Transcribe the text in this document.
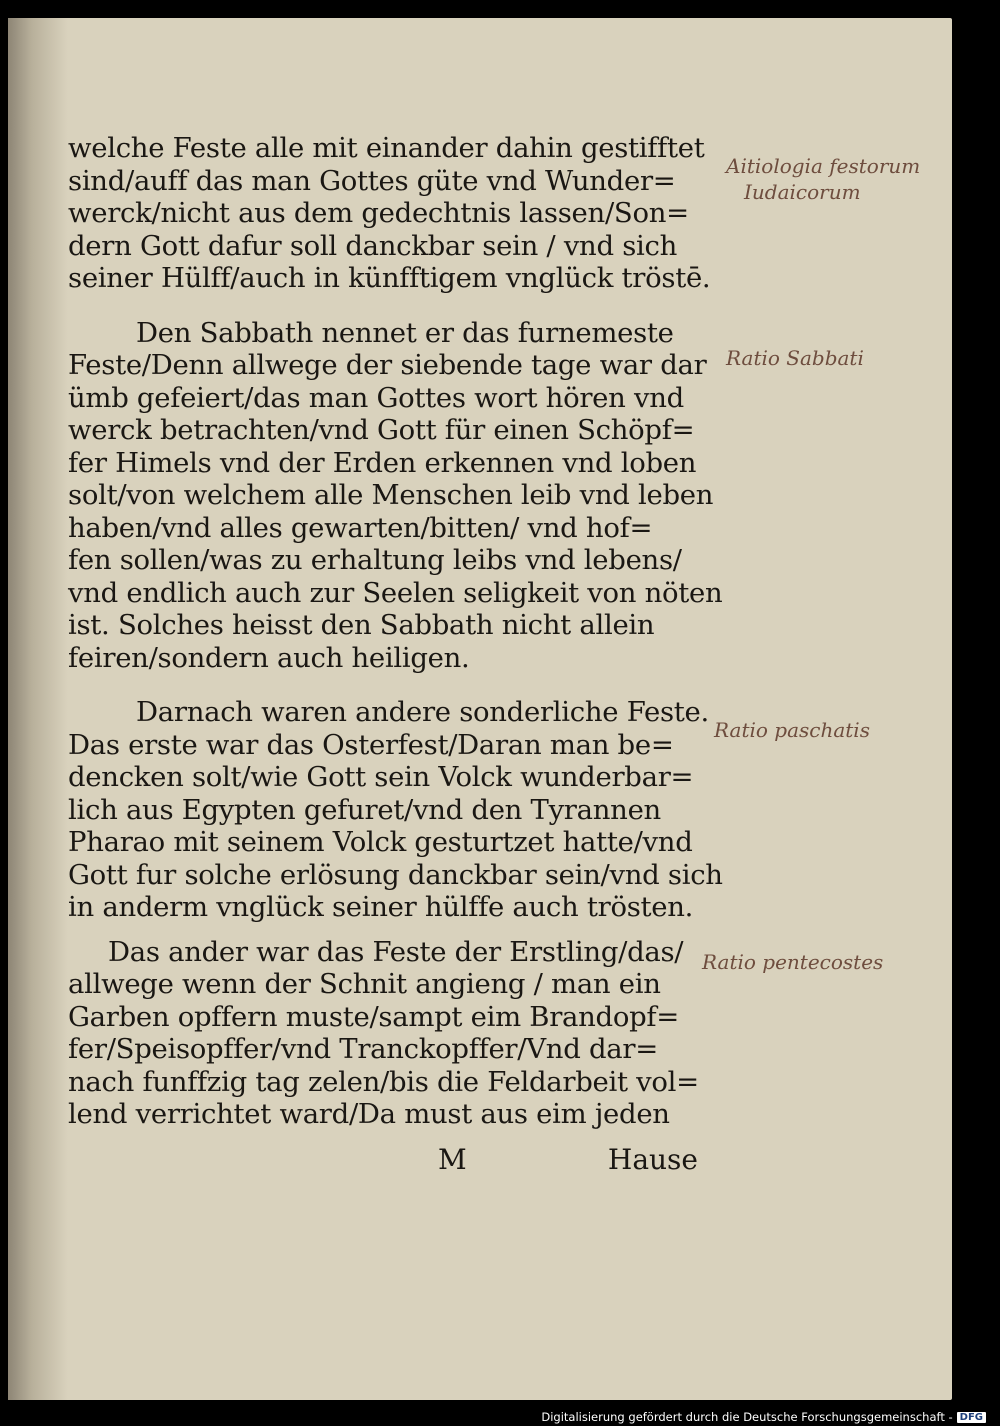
welche Feste alle mit einander dahin gestifftet

sind/auff das man Gottes güte vnd Wunder=

werck/nicht aus dem gedechtnis lassen/Son=

dern Gott dafur soll danckbar sein / vnd sich

seiner Hülff/auch in künfftigem vnglück tröstē.

Den Sabbath nennet er das furnemeste

Feste/Denn allwege der siebende tage war dar

ümb gefeiert/das man Gottes wort hören vnd

werck betrachten/vnd Gott für einen Schöpf=

fer Himels vnd der Erden erkennen vnd loben

solt/von welchem alle Menschen leib vnd leben

haben/vnd alles gewarten/bitten/ vnd hof=

fen sollen/was zu erhaltung leibs vnd lebens/

vnd endlich auch zur Seelen seligkeit von nöten

ist. Solches heisst den Sabbath nicht allein

feiren/sondern auch heiligen.

Darnach waren andere sonderliche Feste.

Das erste war das Osterfest/Daran man be=

dencken solt/wie Gott sein Volck wunderbar=

lich aus Egypten gefuret/vnd den Tyrannen

Pharao mit seinem Volck gesturtzet hatte/vnd

Gott fur solche erlösung danckbar sein/vnd sich

in anderm vnglück seiner hülffe auch trösten.

Das ander war das Feste der Erstling/das/

allwege wenn der Schnit angieng / man ein

Garben opffern muste/sampt eim Brandopf=

fer/Speisopffer/vnd Tranckopffer/Vnd dar=

nach funffzig tag zelen/bis die Feldarbeit vol=

lend verrichtet ward/Da must aus eim jeden

M	Hause
Aitiologia festorum
Iudaicorum
Ratio Sabbati
Ratio paschatis
Ratio pentecostes
Digitalisierung gefördert durch die Deutsche Forschungsgemeinschaft - DFG
